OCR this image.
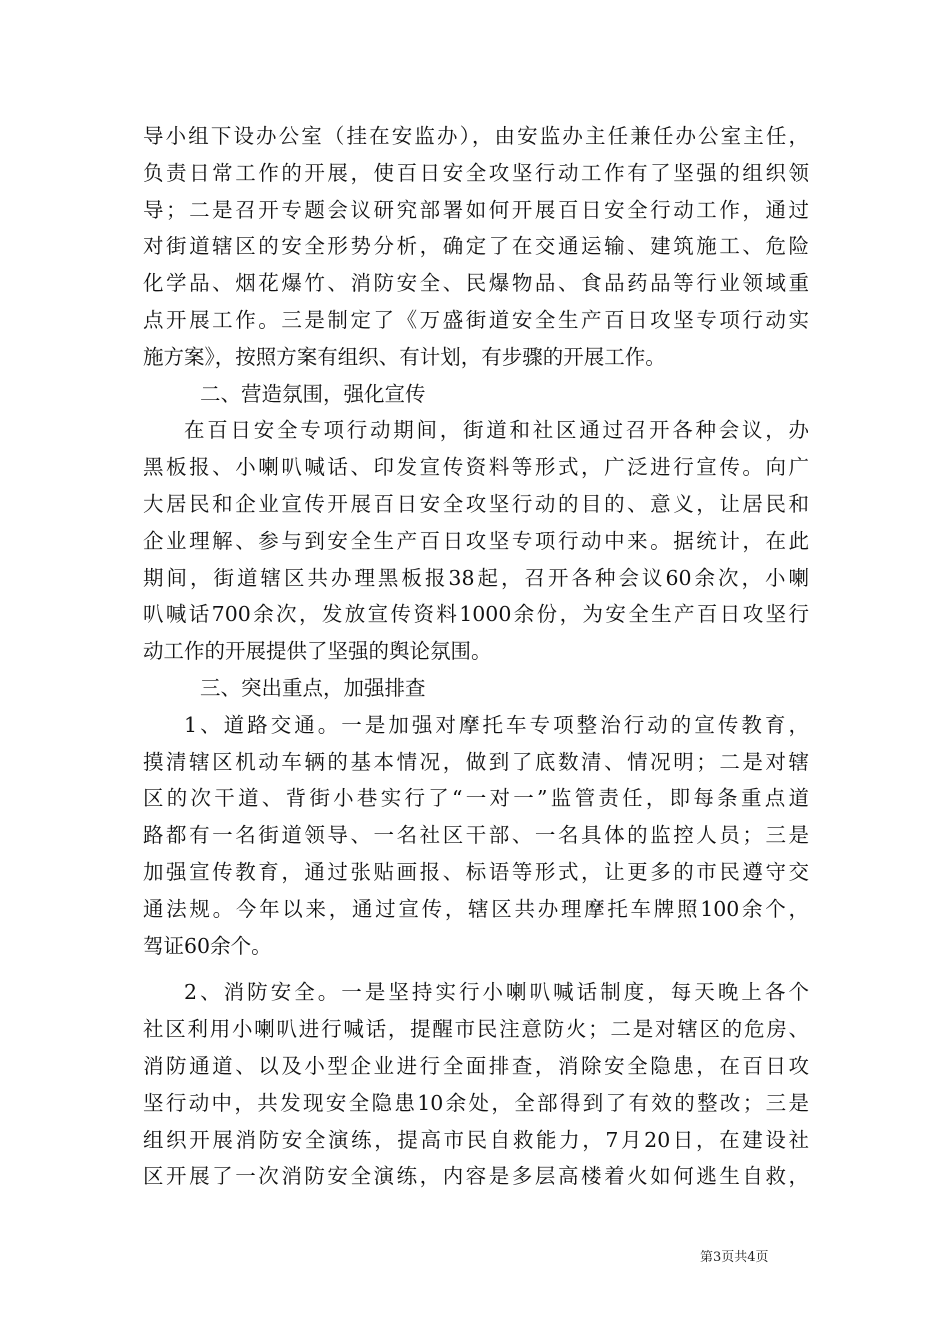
导小组下设办公室（挂在安监办），由安监办主任兼任办公室主任，
负责日常工作的开展，使百日安全攻坚行动工作有了坚强的组织领
导；二是召开专题会议研究部署如何开展百日安全行动工作，通过
对街道辖区的安全形势分析，确定了在交通运输、建筑施工、危险
化学品、烟花爆竹、消防安全、民爆物品、食品药品等行业领域重
点开展工作。三是制定了《万盛街道安全生产百日攻坚专项行动实
施方案》，按照方案有组织、有计划，有步骤的开展工作。
二、营造氛围，强化宣传
在百日安全专项行动期间，街道和社区通过召开各种会议，办
黑板报、小喇叭喊话、印发宣传资料等形式，广泛进行宣传。向广
大居民和企业宣传开展百日安全攻坚行动的目的、意义，让居民和
企业理解、参与到安全生产百日攻坚专项行动中来。据统计，在此
期间，街道辖区共办理黑板报38起，召开各种会议60余次，小喇
叭喊话700余次，发放宣传资料1000余份，为安全生产百日攻坚行
动工作的开展提供了坚强的舆论氛围。
三、突出重点，加强排查
1、道路交通。一是加强对摩托车专项整治行动的宣传教育，
摸清辖区机动车辆的基本情况，做到了底数清、情况明；二是对辖
区的次干道、背街小巷实行了“一对一”监管责任，即每条重点道
路都有一名街道领导、一名社区干部、一名具体的监控人员；三是
加强宣传教育，通过张贴画报、标语等形式，让更多的市民遵守交
通法规。今年以来，通过宣传，辖区共办理摩托车牌照100余个，
驾证60余个。
2、消防安全。一是坚持实行小喇叭喊话制度，每天晚上各个
社区利用小喇叭进行喊话，提醒市民注意防火；二是对辖区的危房、
消防通道、以及小型企业进行全面排查，消除安全隐患，在百日攻
坚行动中，共发现安全隐患10余处，全部得到了有效的整改；三是
组织开展消防安全演练，提高市民自救能力，7月20日，在建设社
区开展了一次消防安全演练，内容是多层高楼着火如何逃生自救，
第3页共4页
